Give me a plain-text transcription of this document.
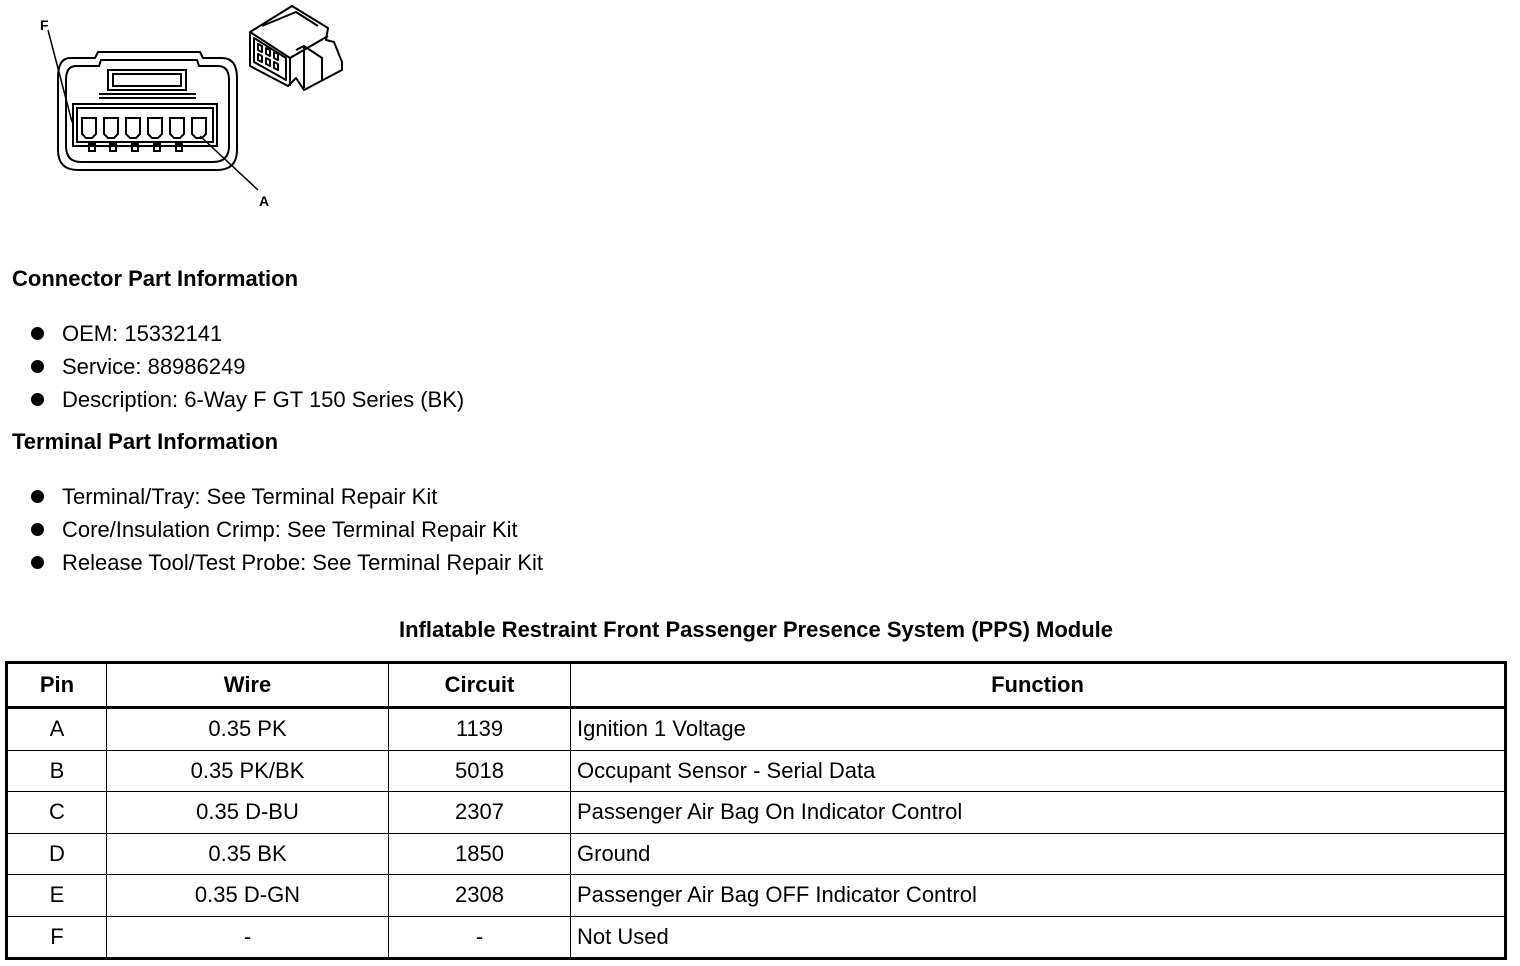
F
A
Connector Part Information
OEM: 15332141
Service: 88986249
Description: 6-Way F GT 150 Series (BK)
Terminal Part Information
Terminal/Tray: See Terminal Repair Kit
Core/Insulation Crimp: See Terminal Repair Kit
Release Tool/Test Probe: See Terminal Repair Kit
Inflatable Restraint Front Passenger Presence System (PPS) Module
Pin	Wire	Circuit	Function
A	0.35 PK	1139	Ignition 1 Voltage
B	0.35 PK/BK	5018	Occupant Sensor - Serial Data
C	0.35 D-BU	2307	Passenger Air Bag On Indicator Control
D	0.35 BK	1850	Ground
E	0.35 D-GN	2308	Passenger Air Bag OFF Indicator Control
F	-	-	Not Used
